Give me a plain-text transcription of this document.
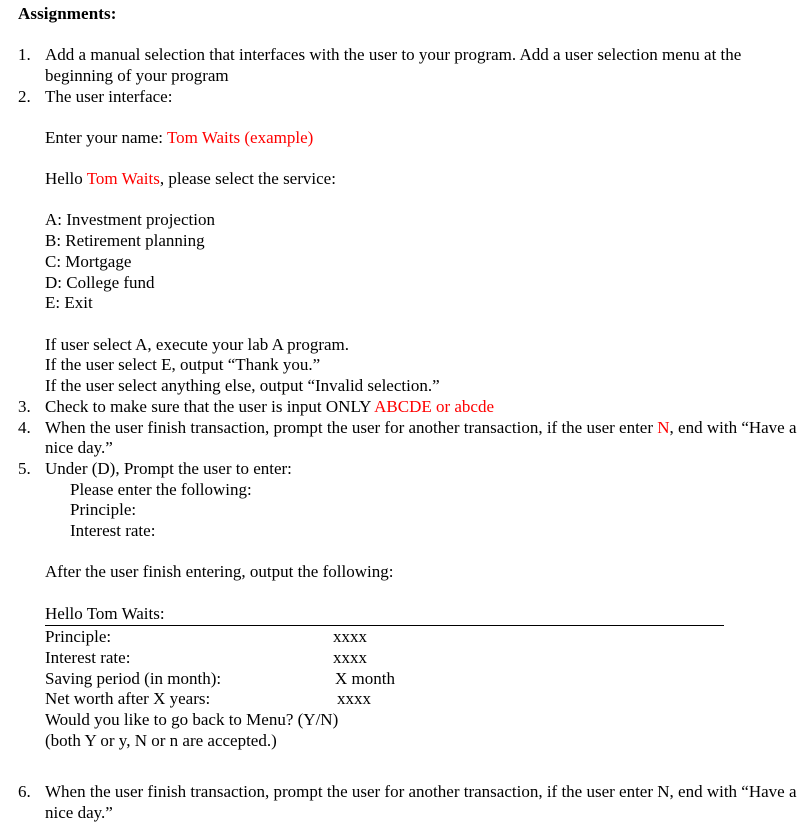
Assignments:
1. Add a manual selection that interfaces with the user to your program. Add a user selection menu at the beginning of your program
2. The user interface:
Enter your name: Tom Waits (example)
Hello Tom Waits, please select the service:
A: Investment projection
B: Retirement planning
C: Mortgage
D: College fund
E: Exit
If user select A, execute your lab A program.
If the user select E, output “Thank you.”
If the user select anything else, output “Invalid selection.”
3. Check to make sure that the user is input ONLY ABCDE or abcde
4. When the user finish transaction, prompt the user for another transaction, if the user enter N, end with “Have a nice day.”
5. Under (D), Prompt the user to enter:
Please enter the following:
Principle:
Interest rate:
After the user finish entering, output the following:
Hello Tom Waits:
Principle:	xxxx
Interest rate:	xxxx
Saving period (in month):	X month
Net worth after X years:	xxxx
Would you like to go back to Menu? (Y/N)
(both Y or y, N or n are accepted.)
6. When the user finish transaction, prompt the user for another transaction, if the user enter N, end with “Have a nice day.”
